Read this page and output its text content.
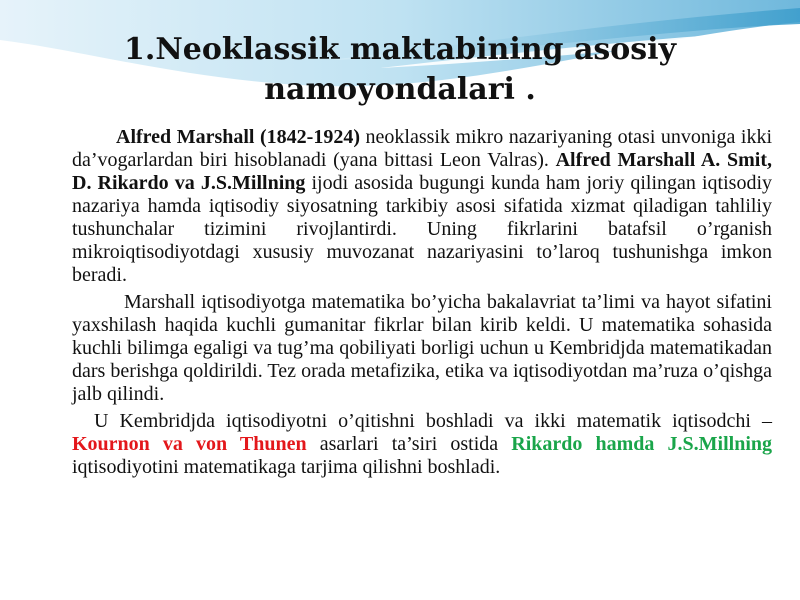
1.Neoklassik maktabining asosiy namoyondalari .

Alfred Marshall (1842-1924) neoklassik mikro nazariyaning otasi unvoniga ikki da’vogarlardan biri hisoblanadi (yana bittasi Leon Valras). Alfred Marshall A. Smit, D. Rikardo va J.S.Millning ijodi asosida bugungi kunda ham joriy qilingan iqtisodiy nazariya hamda iqtisodiy siyosatning tarkibiy asosi sifatida xizmat qiladigan tahliliy tushunchalar tizimini rivojlantirdi. Uning fikrlarini batafsil o’rganish mikroiqtisodiyotdagi xususiy muvozanat nazariyasini to’laroq tushunishga imkon beradi.

Marshall iqtisodiyotga matematika bo’yicha bakalavriat ta’limi va hayot sifatini yaxshilash haqida kuchli gumanitar fikrlar bilan kirib keldi. U matematika sohasida kuchli bilimga egaligi va tug’ma qobiliyati borligi uchun u Kembridjda matematikadan dars berishga qoldirildi. Tez orada metafizika, etika va iqtisodiyotdan ma’ruza o’qishga jalb qilindi.

U Kembridjda iqtisodiyotni o’qitishni boshladi va ikki matematik iqtisodchi – Kournon va von Thunen asarlari ta’siri ostida Rikardo hamda J.S.Millning iqtisodiyotini matematikaga tarjima qilishni boshladi.
